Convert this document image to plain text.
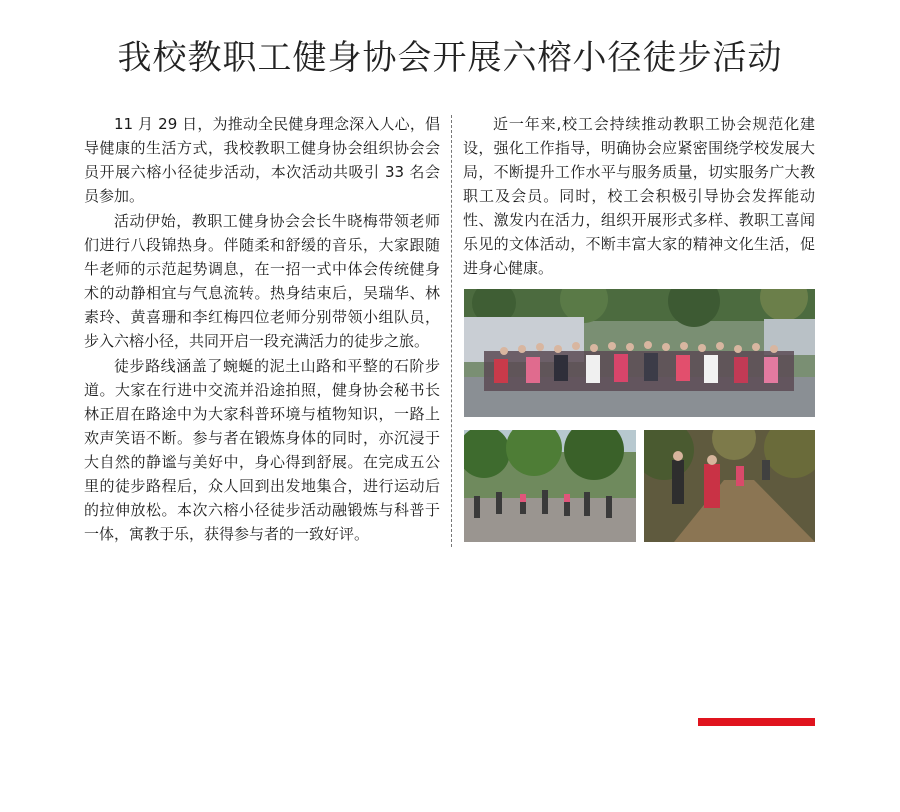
我校教职工健身协会开展六榕小径徒步活动

11 月 29 日，为推动全民健身理念深入人心，倡导健康的生活方式，我校教职工健身协会组织协会会员开展六榕小径徒步活动，本次活动共吸引 33 名会员参加。

活动伊始，教职工健身协会会长牛晓梅带领老师们进行八段锦热身。伴随柔和舒缓的音乐，大家跟随牛老师的示范起势调息，在一招一式中体会传统健身术的动静相宜与气息流转。热身结束后，吴瑞华、林素玲、黄喜珊和李红梅四位老师分别带领小组队员，步入六榕小径，共同开启一段充满活力的徒步之旅。

徒步路线涵盖了蜿蜒的泥土山路和平整的石阶步道。大家在行进中交流并沿途拍照，健身协会秘书长林正眉在路途中为大家科普环境与植物知识，一路上欢声笑语不断。参与者在锻炼身体的同时，亦沉浸于大自然的静谧与美好中，身心得到舒展。在完成五公里的徒步路程后，众人回到出发地集合，进行运动后的拉伸放松。本次六榕小径徒步活动融锻炼与科普于一体，寓教于乐，获得参与者的一致好评。

近一年来,校工会持续推动教职工协会规范化建设，强化工作指导，明确协会应紧密围绕学校发展大局，不断提升工作水平与服务质量，切实服务广大教职工及会员。同时，校工会积极引导协会发挥能动性、激发内在活力，组织开展形式多样、教职工喜闻乐见的文体活动，不断丰富大家的精神文化生活，促进身心健康。
